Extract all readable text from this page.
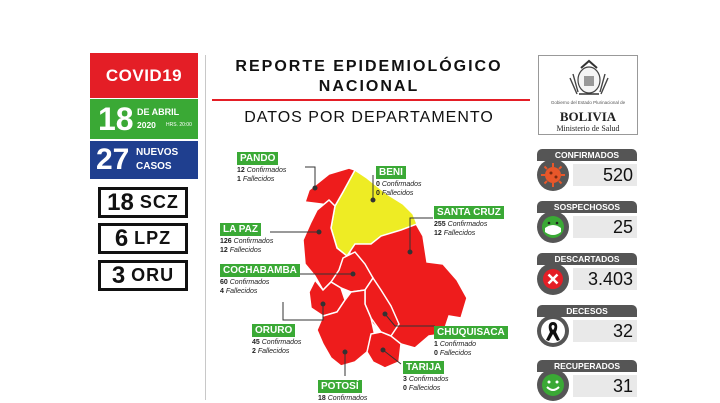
COVID19
18 DE ABRIL
2020 HRS. 20:00
27 NUEVOS
CASOS
18 SCZ
6 LPZ
3 ORU
REPORTE EPIDEMIOLÓGICO
NACIONAL
DATOS POR DEPARTAMENTO
Gobierno del Estado Plurinacional de
BOLIVIA
Ministerio de Salud
PANDO
12 Confirmados
1 Fallecidos
BENI
0 Confirmados
0 Fallecidos
SANTA CRUZ
255 Confirmados
12 Fallecidos
LA PAZ
126 Confirmados
12 Fallecidos
COCHABAMBA
60 Confirmados
4 Fallecidos
ORURO
45 Confirmados
2 Fallecidos
CHUQUISACA
1 Confirmado
0 Fallecidos
TARIJA
3 Confirmados
0 Fallecidos
POTOSÍ
18 Confirmados
CONFIRMADOS
520
SOSPECHOSOS
25
DESCARTADOS
3.403
DECESOS
32
RECUPERADOS
31
